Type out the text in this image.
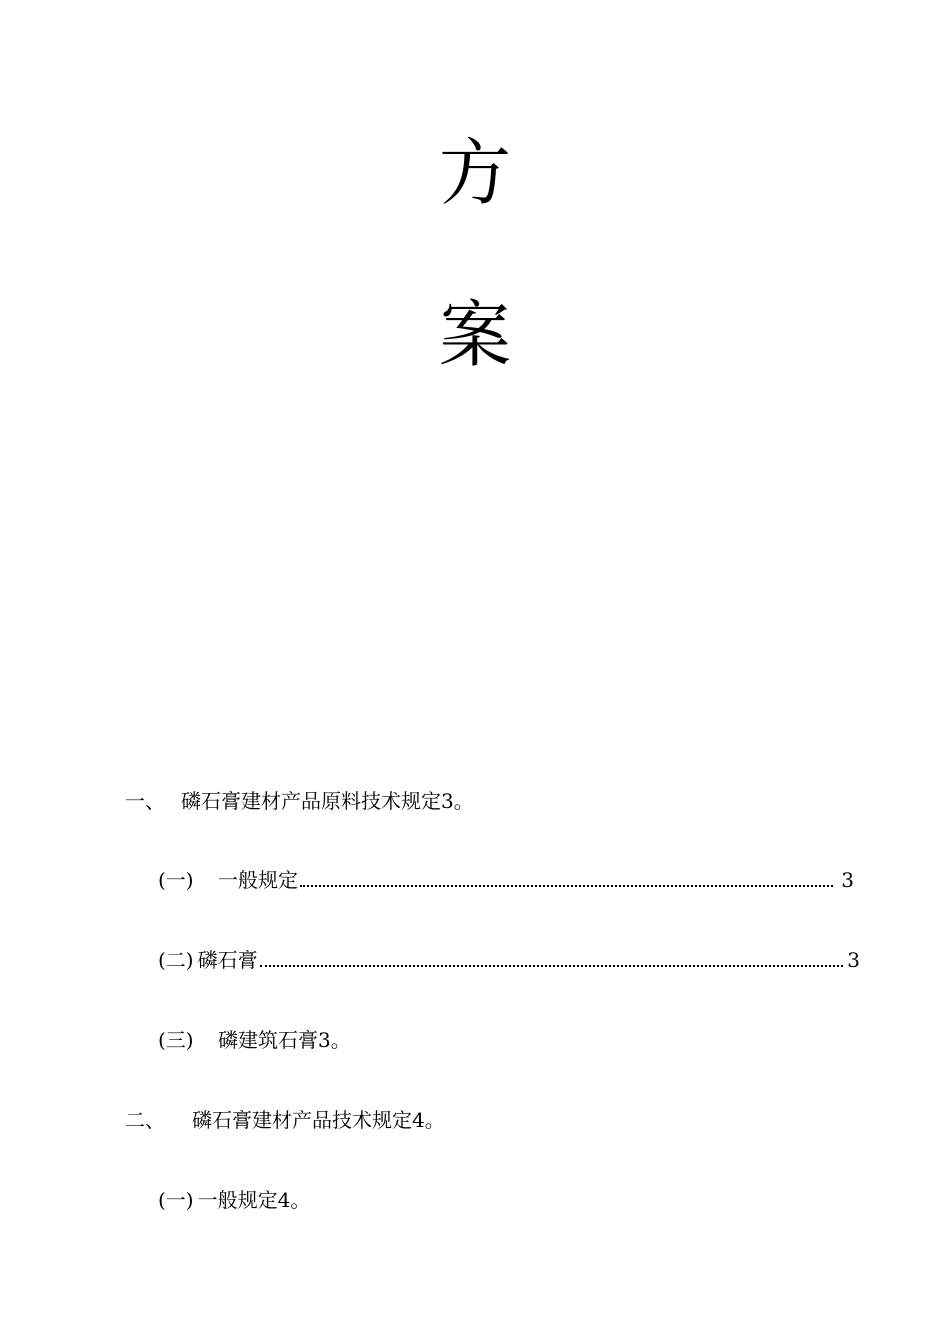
方
案
一、 磷石膏建材产品原料技术规定3。
(一)	一般规定	3
(二) 磷石膏	3
(三) 磷建筑石膏3。
二、 磷石膏建材产品技术规定4。
(一) 一般规定4。
